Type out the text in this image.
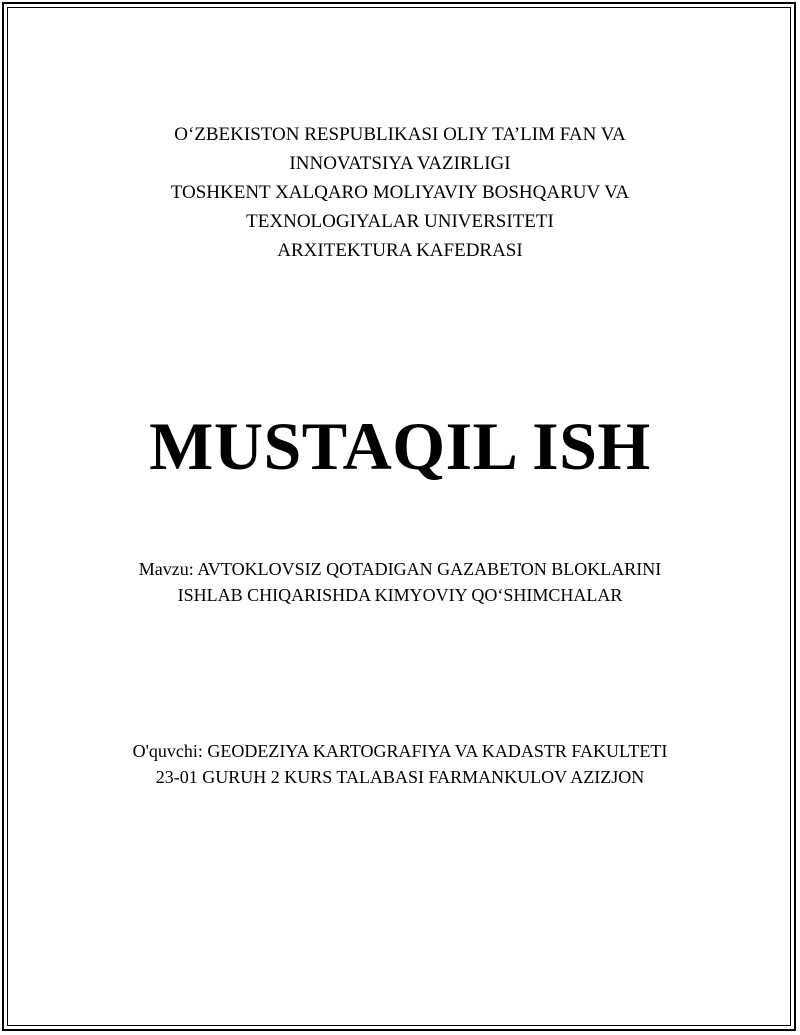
O‘ZBEKISTON RESPUBLIKASI OLIY TA’LIM FAN VA
INNOVATSIYA VAZIRLIGI
TOSHKENT XALQARO MOLIYAVIY BOSHQARUV VA
TEXNOLOGIYALAR UNIVERSITETI
ARXITEKTURA KAFEDRASI
MUSTAQIL ISH
Mavzu: AVTOKLOVSIZ QOTADIGAN GAZABETON BLOKLARINI
ISHLAB CHIQARISHDA KIMYOVIY QO‘SHIMCHALAR
O'quvchi: GEODEZIYA KARTOGRAFIYA VA KADASTR FAKULTETI
23-01 GURUH 2 KURS TALABASI FARMANKULOV AZIZJON
